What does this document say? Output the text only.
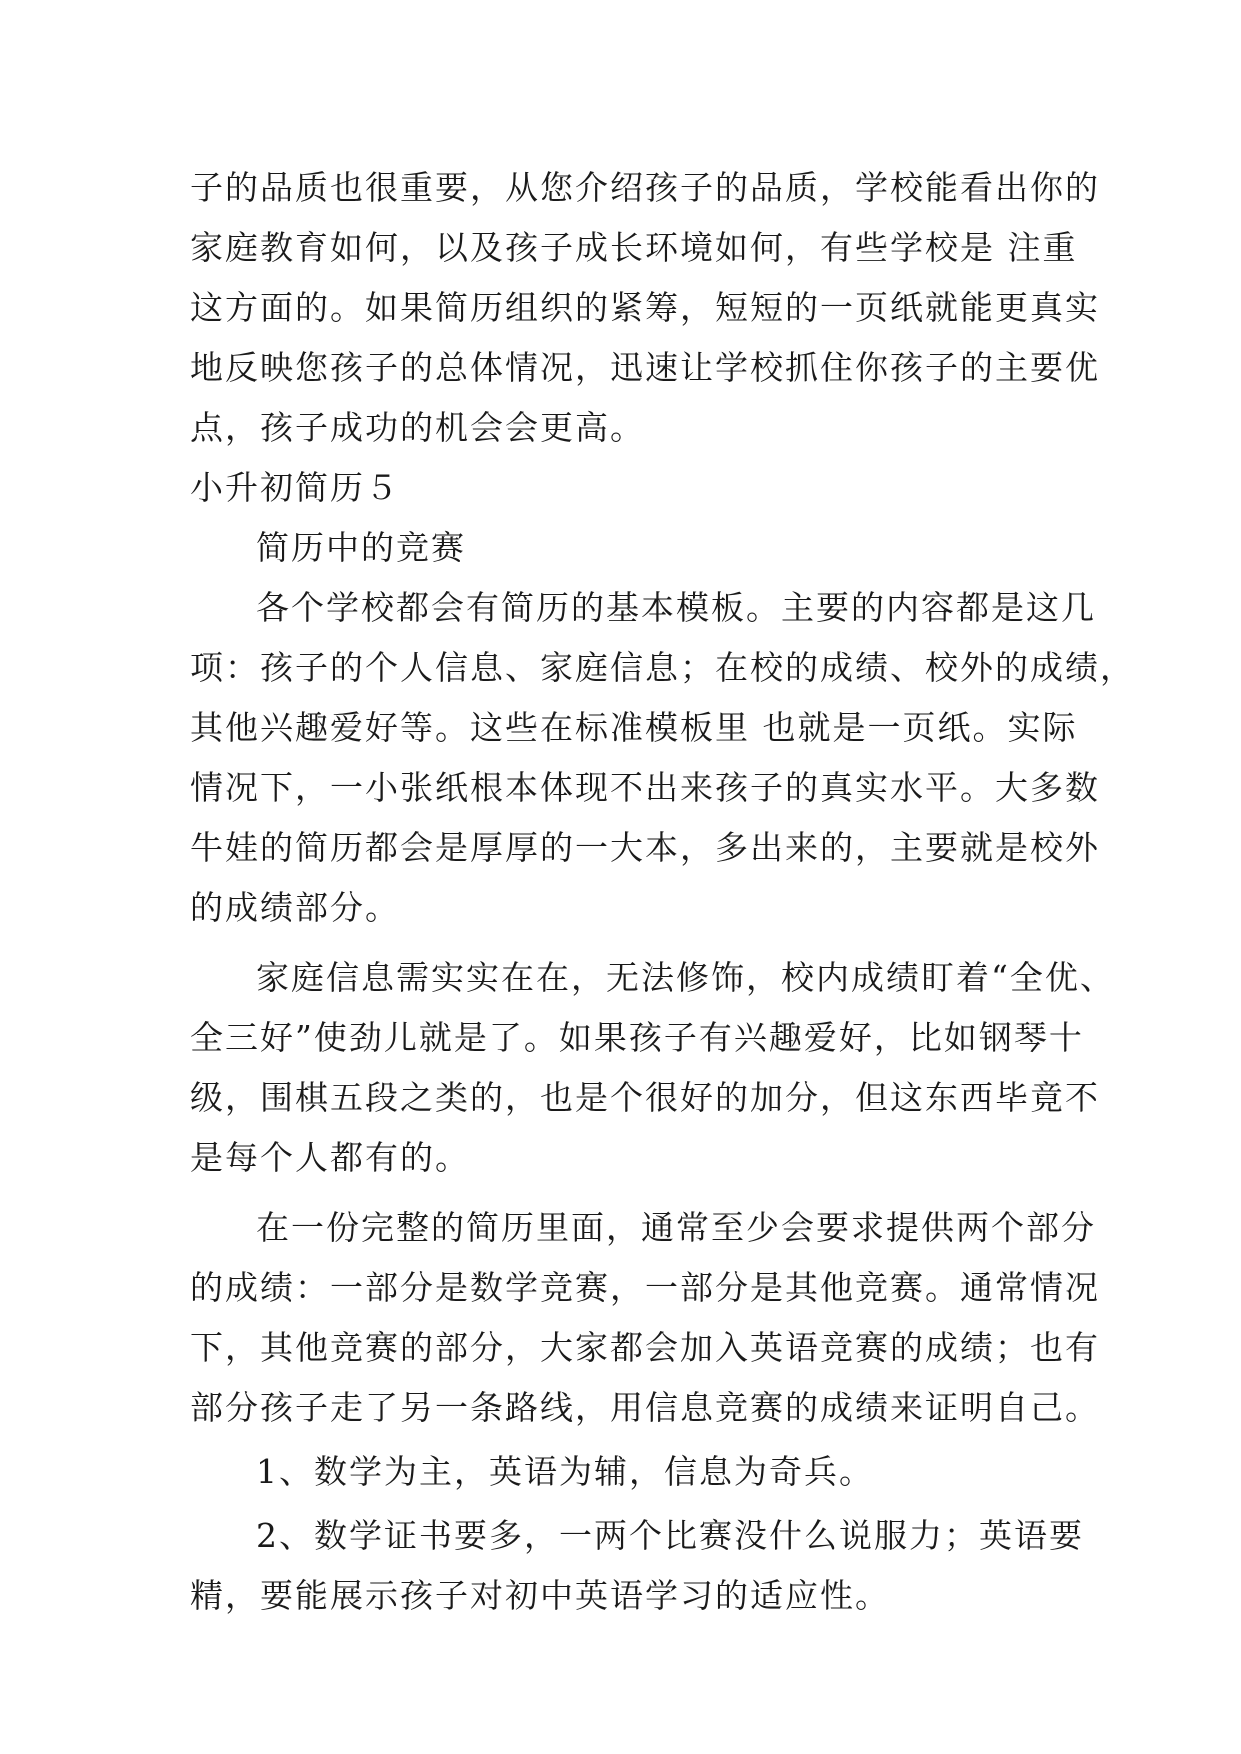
子的品质也很重要，从您介绍孩子的品质，学校能看出你的
家庭教育如何，以及孩子成长环境如何，有些学校是 注重
这方面的。如果简历组织的紧筹，短短的一页纸就能更真实
地反映您孩子的总体情况，迅速让学校抓住你孩子的主要优
点，孩子成功的机会会更高。
小升初简历５
简历中的竞赛
各个学校都会有简历的基本模板。主要的内容都是这几
项：孩子的个人信息、家庭信息；在校的成绩、校外的成绩，
其他兴趣爱好等。这些在标准模板里 也就是一页纸。实际
情况下，一小张纸根本体现不出来孩子的真实水平。大多数
牛娃的简历都会是厚厚的一大本，多出来的，主要就是校外
的成绩部分。
家庭信息需实实在在，无法修饰，校内成绩盯着“全优、
全三好”使劲儿就是了。如果孩子有兴趣爱好，比如钢琴十
级，围棋五段之类的，也是个很好的加分，但这东西毕竟不
是每个人都有的。
在一份完整的简历里面，通常至少会要求提供两个部分
的成绩：一部分是数学竞赛，一部分是其他竞赛。通常情况
下，其他竞赛的部分，大家都会加入英语竞赛的成绩；也有
部分孩子走了另一条路线，用信息竞赛的成绩来证明自己。
1、数学为主，英语为辅，信息为奇兵。
2、数学证书要多，一两个比赛没什么说服力；英语要
精，要能展示孩子对初中英语学习的适应性。
